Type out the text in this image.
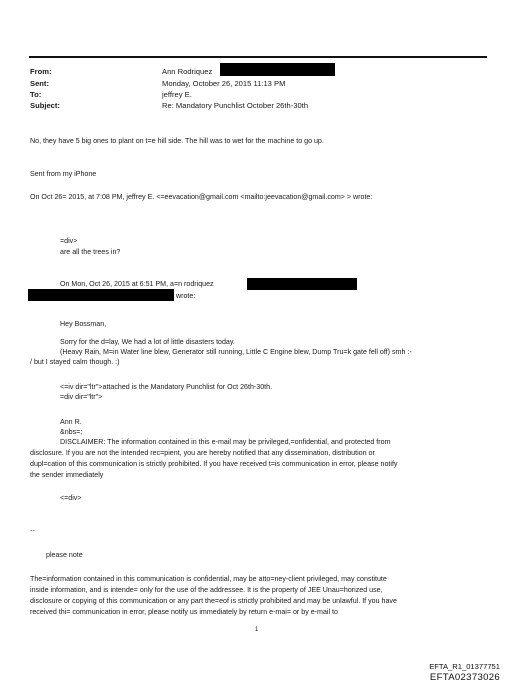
From:	Ann Rodriquez
Sent:	Monday, October 26, 2015 11:13 PM
To:	jeffrey E.
Subject:	Re: Mandatory Punchlist October 26th-30th
No, they have 5 big ones to plant on t=e hill side. The hill was to wet for the machine to go up.
Sent from my iPhone
On Oct 26= 2015, at 7:08 PM, jeffrey E. <=eevacation@gmail.com <mailto:jeevacation@gmail.com> > wrote:
=div>
are all the trees in?
On Mon, Oct 26, 2015 at 6:51 PM, a=n rodriquez
wrote:
Hey Bossman,
Sorry for the d=lay, We had a lot of little disasters today.
(Heavy Rain, M=in Water line blew, Generator still running, Little C Engine blew, Dump Tru=k gate fell off) smh :-
/ but I stayed calm though. :)
<=iv dir="ltr">attached is the Mandatory Punchlist for Oct 26th-30th.
=div dir="ltr">
Ann R.
&nbs=;
DISCLAIMER: The information contained in this e-mail may be privileged,=onfidential, and protected from
disclosure. If you are not the intended rec=pient, you are hereby notified that any dissemination, distribution or
dupl=cation of this communication is strictly prohibited. If you have received t=is communication in error, please notify
the sender immediately
<=div>
--
please note
The=information contained in this communication is confidential, may be atto=ney-client privileged, may constitute
inside information, and is intende= only for the use of the addressee. It is the property of JEE Unau=horized use,
disclosure or copying of this communication or any part the=eof is strictly prohibited and may be unlawful. If you have
received thi= communication in error, please notify us immediately by return e-mai= or by e-mail to
1
EFTA_R1_01377751
EFTA02373026
